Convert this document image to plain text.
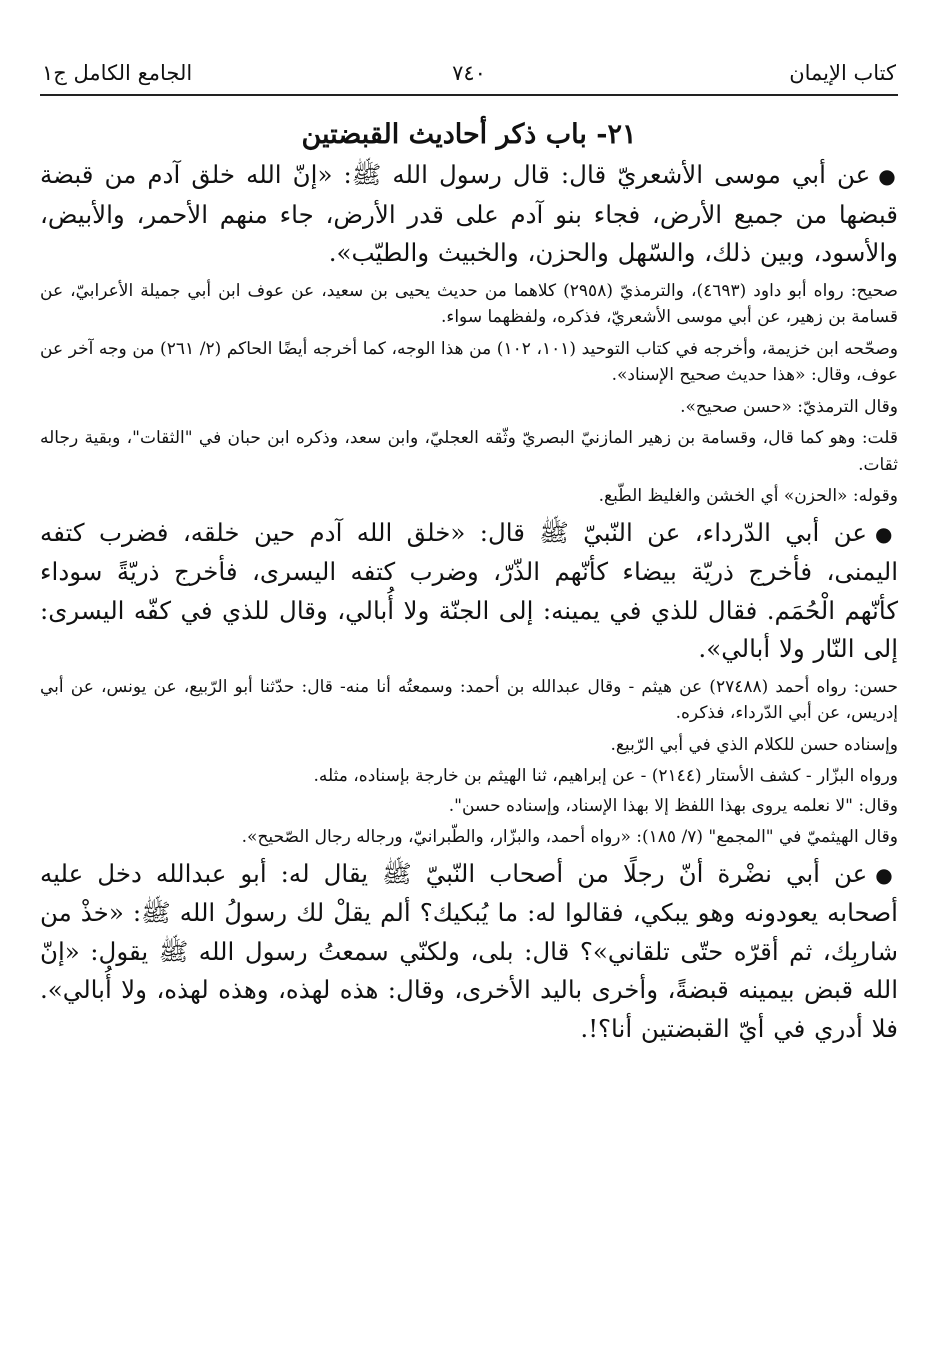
كتاب الإيمان
٧٤٠
الجامع الكامل ج١
٢١- باب ذكر أحاديث القبضتين

●عن أبي موسى الأشعريّ قال: قال رسول الله ﷺ: «إنّ الله خلق آدم من قبضة قبضها من جميع الأرض، فجاء بنو آدم على قدر الأرض، جاء منهم الأحمر، والأبيض، والأسود، وبين ذلك، والسّهل والحزن، والخبيث والطيّب».

صحيح: رواه أبو داود (٤٦٩٣)، والترمذيّ (٢٩٥٨) كلاهما من حديث يحيى بن سعيد، عن عوف ابن أبي جميلة الأعرابيّ، عن قسامة بن زهير، عن أبي موسى الأشعريّ، فذكره، ولفظهما سواء.

وصحّحه ابن خزيمة، وأخرجه في كتاب التوحيد (١٠١، ١٠٢) من هذا الوجه، كما أخرجه أيضًا الحاكم (٢/ ٢٦١) من وجه آخر عن عوف، وقال: «هذا حديث صحيح الإسناد».

وقال الترمذيّ: «حسن صحيح».

قلت: وهو كما قال، وقسامة بن زهير المازنيّ البصريّ وثّقه العجليّ، وابن سعد، وذكره ابن حبان في "الثقات"، وبقية رجاله ثقات.

وقوله: «الحزن» أي الخشن والغليظ الطّبع.

●عن أبي الدّرداء، عن النّبيّ ﷺ قال: «خلق الله آدم حين خلقه، فضرب كتفه اليمنى، فأخرج ذريّة بيضاء كأنّهم الذّرّ، وضرب كتفه اليسرى، فأخرج ذريّةً سوداء كأنّهم الْحُمَم. فقال للذي في يمينه: إلى الجنّة ولا أُبالي، وقال للذي في كفّه اليسرى: إلى النّار ولا أبالي».

حسن: رواه أحمد (٢٧٤٨٨) عن هيثم - وقال عبدالله بن أحمد: وسمعتُه أنا منه- قال: حدّثنا أبو الرّبيع، عن يونس، عن أبي إدريس، عن أبي الدّرداء، فذكره.

وإسناده حسن للكلام الذي في أبي الرّبيع.

ورواه البزّار - كشف الأستار (٢١٤٤) - عن إبراهيم، ثنا الهيثم بن خارجة بإسناده، مثله.

وقال: "لا نعلمه يروى بهذا اللفظ إلا بهذا الإسناد، وإسناده حسن".

وقال الهيثميّ في "المجمع" (٧/ ١٨٥): «رواه أحمد، والبزّار، والطّبرانيّ، ورجاله رجال الصّحيح».

●عن أبي نضْرة أنّ رجلًا من أصحاب النّبيّ ﷺ يقال له: أبو عبدالله دخل عليه أصحابه يعودونه وهو يبكي، فقالوا له: ما يُبكيك؟ ألم يقلْ لك رسولُ الله ﷺ: «خذْ من شاربِك، ثم أقرّه حتّى تلقاني»؟ قال: بلى، ولكنّي سمعتُ رسول الله ﷺ يقول: «إنّ الله قبض بيمينه قبضةً، وأخرى باليد الأخرى، وقال: هذه لهذه، وهذه لهذه، ولا أُبالي». فلا أدري في أيّ القبضتين أنا؟!.
